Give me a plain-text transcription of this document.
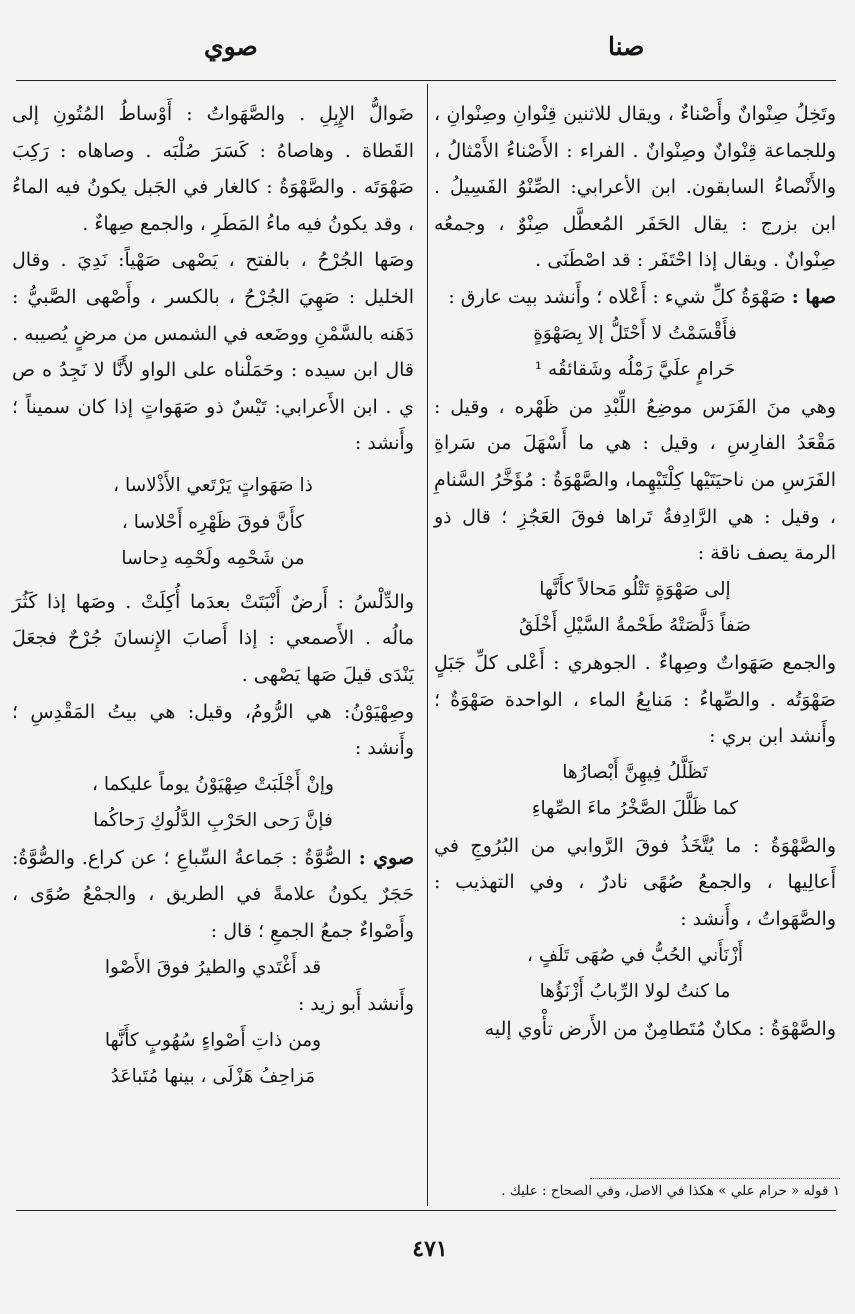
صنا
صوي

وتَخِلُ صِنْوانٌ وأَصْناءٌ ، ويقال للاثنين قِنْوانِ وصِنْوانِ ، وللجماعة قِنْوانٌ وصِنْوانٌ . الفراء : الأَصْناءُ الأَمْثالُ ، والأَنْصاءُ السابقون. ابن الأعرابي: الصِّنْوُ الفَسِيلُ . ابن بزرج : يقال الحَفَر المُعطَّل صِنْوٌ ، وجمعُه صِنْوانٌ . ويقال إذا احْتَفَر : قد اصْطَنَى .

صها : صَهْوَةُ كلِّ شيء : أَعْلاه ؛ وأَنشد بيت عارق :

فأَقْسَمْتُ لا أَحْتَلُّ إلا بِصَهْوَةٍ
حَرامٍ علَيَّ رَمْلُه وشَقائقُه ¹

وهي منَ الفَرَس موضِعُ اللِّبْدِ من ظَهْره ، وقيل : مَقْعَدُ الفارِسِ ، وقيل : هي ما أَسْهَلَ من سَراةِ الفَرَسِ من ناحيَتَيْها كِلْتَيْهِما، والصَّهْوَةُ : مُؤَخَّرُ السَّنامِ ، وقيل : هي الرَّادِفةُ تَراها فوقَ العَجُزِ ؛ قال ذو الرمة يصف ناقة :

إلى صَهْوَةٍ تَتْلُو مَحالاً كأَنَّها
صَفاً دَلَّصَتْهُ طَحْمةُ السَّيْلِ أَخْلَقُ

والجمع صَهَواتٌ وصِهاءٌ . الجوهري : أَعْلى كلِّ جَبَلٍ صَهْوَتُه . والصِّهاءُ : مَنابِعُ الماء ، الواحدة صَهْوَةٌ ؛ وأَنشد ابن بري :

تَظَلَّلُ فِيهِنَّ أَبْصارُها
كما ظَلَّلَ الصَّخْرُ ماءَ الصِّهاءِ

والصَّهْوَةُ : ما يُتَّخَذُ فوقَ الرَّوابي من البُرُوجِ في أَعالِيها ، والجمعُ صُهًى نادرٌ ، وفي التهذيب : والصَّهَواتُ ، وأَنشد :

أَزْنَأَني الحُبُّ في صُهَى تَلَفٍ ،
ما كنتُ لولا الرِّبابُ أَزْنَؤُها

والصَّهْوَةُ : مكانٌ مُتَطامِنٌ من الأَرض تأْوي إليه

ضَوالُّ الإِبِلِ . والصَّهَواتُ : أَوْساطُ المُتُونِ إلى القَطاة . وهاصاهُ : كَسَرَ صُلْبَه . وصاهاه : رَكِبَ صَهْوَتَه . والصَّهْوَةُ : كالغار في الجَبل يكونُ فيه الماءُ ، وقد يكونُ فيه ماءُ المَطَرِ ، والجمع صِهاءٌ .

وصَها الجُرْحُ ، بالفتح ، يَصْهى صَهْياً: نَدِيَ . وقال الخليل : صَهِيَ الجُرْحُ ، بالكسر ، وأَصْهى الصَّبيُّ : دَهَنه بالسَّمْنِ ووضَعه في الشمس من مرضٍ يُصيبه . قال ابن سيده : وحَمَلْناه على الواو لأَنَّا لا نَجِدُ ه ص ي . ابن الأَعرابي: تَيْسٌ ذو صَهَواتٍ إذا كان سميناً ؛ وأَنشد :

ذا صَهَواتٍ يَرْتَعي الأَذْلاسا ،
كأَنَّ فوقَ ظَهْرِه أَحْلاسا ،
من شَحْمِه ولَحْمِه دِحاسا

والدِّلْسُ : أَرضٌ أَنْبَتَتْ بعدَما أُكِلَتْ . وصَها إذا كَثُرَ مالُه . الأَصمعي : إذا أَصابَ الإِنسانَ جُرْحٌ فجعَلَ يَنْدَى قيلَ صَها يَصْهى .

وصِهْيَوْنُ: هي الرُّومُ، وقيل: هي بيتُ المَقْدِسِ ؛ وأَنشد :

وإنْ أَجْلَبَتْ صِهْيَوْنُ يوماً عليكما ،
فإنَّ رَحى الحَرْبِ الدَّلُوكِ رَحاكُما

صوي : الصُّوَّةُ : جَماعةُ السِّباعِ ؛ عن كراع. والصُّوَّةُ: حَجَرٌ يكونُ علامةً في الطريق ، والجمْعُ صُوًى ، وأَصْواءٌ جمعُ الجمعِ ؛ قال :

قد أَغْتَدي والطيرُ فوقَ الأَصْوا

وأَنشد أَبو زيد :

ومن ذاتِ أَصْواءٍ سُهُوبٍ كأَنَّها
مَزاحِفُ هَزْلَى ، بينها مُتَباعَدُ
١ قوله « حرام علي » هكذا في الاصل، وفي الصحاح : عليك .
٤٧١
